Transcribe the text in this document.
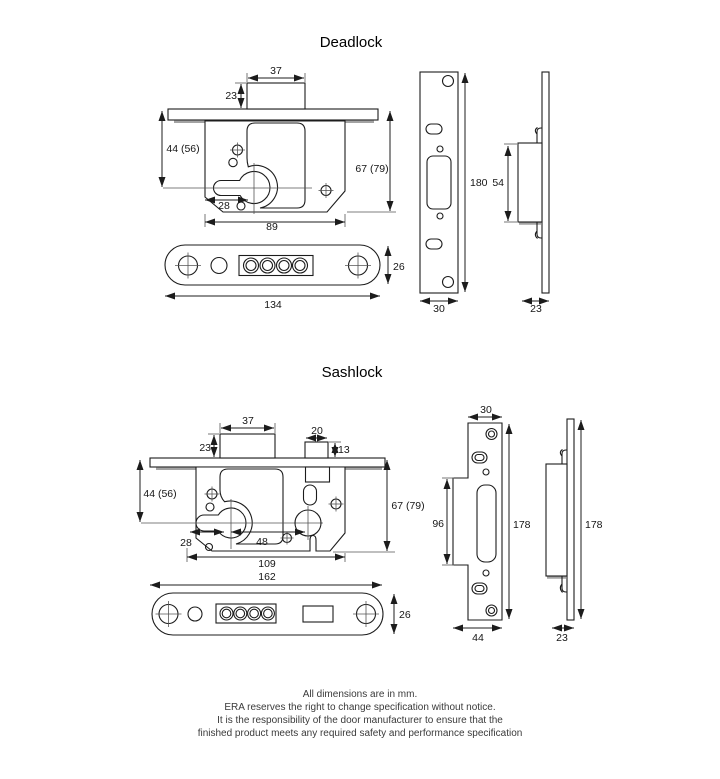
Deadlock
37
23
44 (56)
67 (79)
28
89
26
134
180
30
54
23
Sashlock
37
23
20
13
44 (56)
67 (79)
28	48
109
162
26
30
96	178
44
178
23
All dimensions are in mm.
ERA reserves the right to change specification without notice.
It is the responsibility of the door manufacturer to ensure that the
finished product meets any required safety and performance specification
